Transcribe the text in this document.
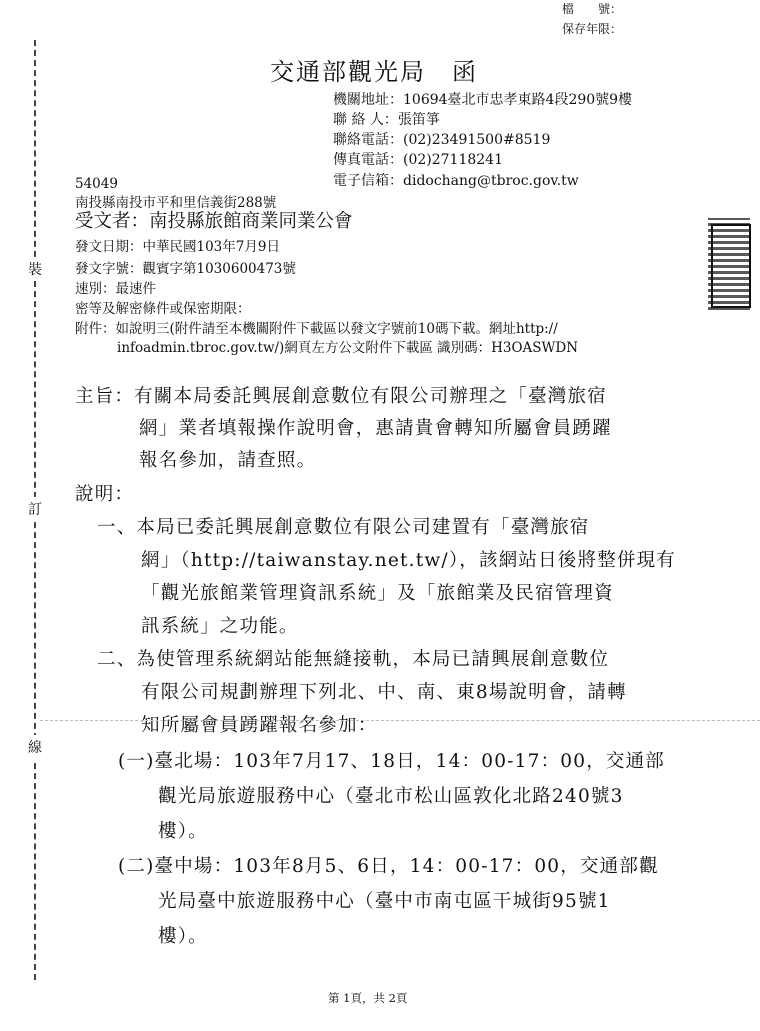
裝
訂
線
檔　　號：
保存年限：
交通部觀光局　函
機關地址：10694臺北市忠孝東路4段290號9樓
聯 絡 人：張笛箏
聯絡電話：(02)23491500#8519
傳真電話：(02)27118241
電子信箱：didochang@tbroc.gov.tw
54049
南投縣南投市平和里信義街288號
受文者：南投縣旅館商業同業公會
發文日期：中華民國103年7月9日
發文字號：觀賓字第1030600473號
速別：最速件
密等及解密條件或保密期限：
附件：如說明三(附件請至本機關附件下載區以發文字號前10碼下載。網址http://
infoadmin.tbroc.gov.tw/)網頁左方公文附件下載區 識別碼：H3OASWDN
主旨：有關本局委託興展創意數位有限公司辦理之「臺灣旅宿
網」業者填報操作說明會，惠請貴會轉知所屬會員踴躍
報名參加，請查照。
說明：
一、本局已委託興展創意數位有限公司建置有「臺灣旅宿
網」（http://taiwanstay.net.tw/），該網站日後將整併現有
「觀光旅館業管理資訊系統」及「旅館業及民宿管理資
訊系統」之功能。
二、為使管理系統網站能無縫接軌，本局已請興展創意數位
有限公司規劃辦理下列北、中、南、東8場說明會，請轉
知所屬會員踴躍報名參加：
(一)臺北場：103年7月17、18日，14：00-17：00，交通部
觀光局旅遊服務中心（臺北市松山區敦化北路240號3
樓）。
(二)臺中場：103年8月5、6日，14：00-17：00，交通部觀
光局臺中旅遊服務中心（臺中市南屯區干城街95號1
樓）。
第 1頁，共 2頁
